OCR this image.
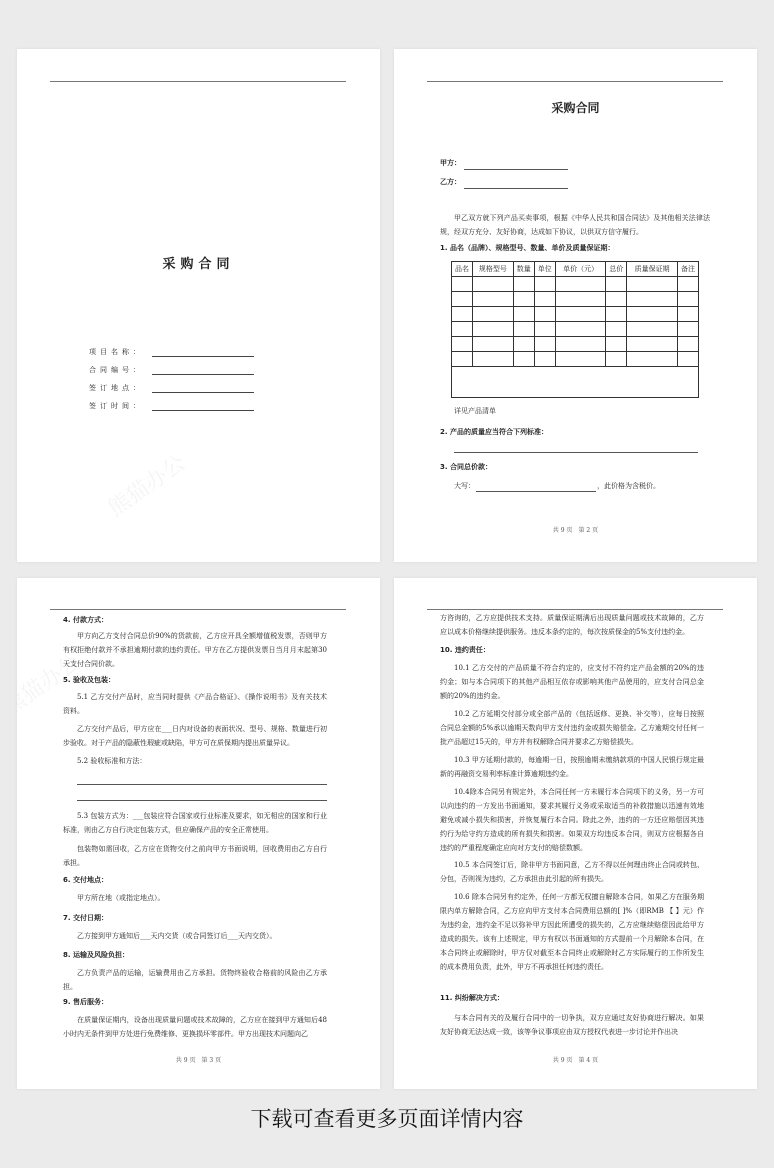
采购合同
项目名称：
合同编号：
签订地点：
签订时间：
采购合同
甲方：
乙方：
甲乙双方就下列产品买卖事项，根据《中华人民共和国合同法》及其他相关法律法规，经双方充分、友好协商，达成如下协议，以供双方信守履行。
1. 品名（品牌）、规格型号、数量、单价及质量保证期：
品名	规格型号	数量	单位	单价（元）	总价	质量保证期	备注

详见产品清单
2. 产品的质量应当符合下列标准：
3. 合同总价款：
大写：	，此价格为含税价。
共 9 页　第 2 页
4. 付款方式：
甲方向乙方支付合同总价90%的货款前，乙方应开具全额增值税发票，否则甲方有权拒绝付款并不承担逾期付款的违约责任。甲方在乙方提供发票日当月月末起第30天支付合同价款。
5. 验收及包装：
5.1 乙方交付产品时，应当同时提供《产品合格证》、《操作说明书》及有关技术资料。
乙方交付产品后，甲方应在___日内对设备的表面状况、型号、规格、数量进行初步验收。对于产品的隐蔽性瑕疵或缺陷，甲方可在质保期内提出质量异议。
5.2 验收标准和方法：
5.3 包装方式为：___包装应符合国家或行业标准及要求，如无相应的国家和行业标准，则由乙方自行决定包装方式，但应确保产品的安全正常使用。
包装物如需回收，乙方应在货物交付之前向甲方书面说明，回收费用由乙方自行承担。
6. 交付地点：
甲方所在地（或指定地点）。
7. 交付日期：
乙方接到甲方通知后___天内交货（或合同签订后___天内交货）。
8. 运输及风险负担：
乙方负责产品的运输，运输费用由乙方承担。货物终验收合格前的风险由乙方承担。
9. 售后服务：
在质量保证期内，设备出现质量问题或技术故障的，乙方应在接到甲方通知后48小时内无条件到甲方处进行免费维修、更换损坏零部件。甲方出现技术问题向乙
共 9 页　第 3 页
方咨询的，乙方应提供技术支持。质量保证期满后出现质量问题或技术故障的，乙方应以成本价格继续提供服务。违反本条约定的，每次按质保金的5%支付违约金。
10. 违约责任：
10.1 乙方交付的产品质量不符合约定的，应支付不符约定产品金额的20%的违约金；如与本合同项下的其他产品相互依存或影响其他产品使用的，应支付合同总金额的20%的违约金。
10.2 乙方延期交付部分或全部产品的（包括返修、更换、补交等），应每日按照合同总金额的5%承以逾期天数向甲方支付违约金或损失赔偿金。乙方逾期交付任何一批产品超过15天的，甲方并有权解除合同并要求乙方赔偿损失。
10.3 甲方延期付款的，每逾期一日，按照逾期未缴纳款项的中国人民银行规定最新的再融资交易利率标准计算逾期违约金。
10.4除本合同另有规定外，本合同任何一方未履行本合同项下的义务，另一方可以向违约的一方发出书面通知，要求其履行义务或采取适当的补救措施以迅速有效地避免或减小损失和损害，并恢复履行本合同。除此之外，违约的一方还应赔偿因其违约行为给守约方造成的所有损失和损害。如果双方均违反本合同，则双方应根据各自违约的严重程度确定应向对方支付的赔偿数额。
10.5 本合同签订后，除非甲方书面同意，乙方不得以任何理由终止合同或转包、分包，否则视为违约，乙方承担由此引起的所有损失。
10.6 除本合同另有约定外，任何一方都无权擅自解除本合同，如果乙方在服务期限内单方解除合同，乙方应向甲方支付本合同费用总额的[ ]%（即RMB 【 】元）作为违约金，违约金不足以弥补甲方因此所遭受的损失的，乙方应继续赔偿因此给甲方造成的损失。该有上述规定，甲方有权以书面通知的方式提前一个月解除本合同，在本合同终止或解除时，甲方仅对截至本合同终止或解除时乙方实际履行的工作所发生的成本费用负责，此外，甲方不再承担任何违约责任。
11. 纠纷解决方式：
与本合同有关的及履行合同中的一切争执，双方应通过友好协商进行解决。如果友好协商无法达成一致，该等争议事项应由双方授权代表进一步讨论并作出决
共 9 页　第 4 页
下载可查看更多页面详情内容
